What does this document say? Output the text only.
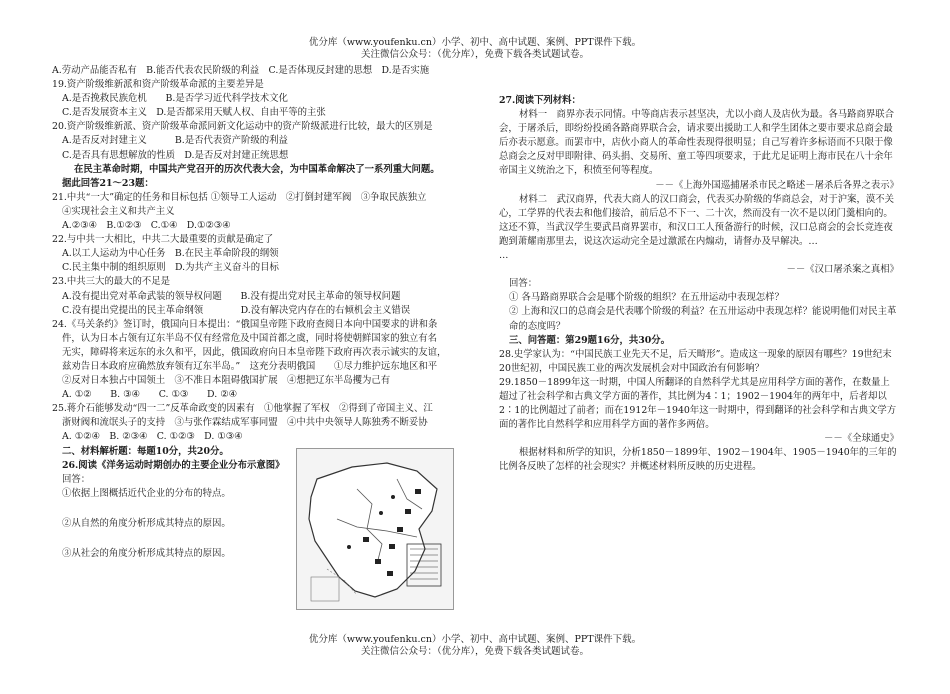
优分库（www.youfenku.cn）小学、初中、高中试题、案例、PPT课件下载。
关注微信公众号：（优分库），免费下载各类试题试卷。
A.劳动产品能否私有　B.能否代表农民阶级的利益　C.是否体现反封建的思想　D.是否实施
19.资产阶级维新派和资产阶级革命派的主要差异是
A.是否挽救民族危机　　B.是否学习近代科学技术文化
C.是否发展资本主义　D.是否都采用天赋人权、自由平等的主张
20.资产阶级维新派、资产阶级革命派同新文化运动中的资产阶级派进行比较，最大的区别是
A.是否反对封建主义　　　B.是否代表资产阶级的利益
C.是否具有思想解放的性质　D.是否反对封建正统思想
在民主革命时期，中国共产党召开的历次代表大会，为中国革命解决了一系列重大问题。
据此回答21～23题：
21.中共“一大”确定的任务和目标包括 ①领导工人运动　②打倒封建军阀　③争取民族独立
④实现社会主义和共产主义
A.②③④　B.①②③　C.①④　D.①②③④
22.与中共一大相比，中共二大最重要的贡献是确定了
A.以工人运动为中心任务　B.在民主革命阶段的纲领
C.民主集中制的组织原则　D.为共产主义奋斗的目标
23.中共三大的最大的不足是
A.没有提出党对革命武装的领导权问题　　B.没有提出党对民主革命的领导权问题
C.没有提出党提出的民主革命纲领　　　　D.没有解决党内存在的右倾机会主义错误
24.《马关条约》签订时，俄国向日本提出：“俄国皇帝陛下政府查阅日本向中国要求的讲和条
件，认为日本占领有辽东半岛不仅有经常危及中国首都之虞，同时将使朝鲜国家的独立有名
无实，障碍将来远东的永久和平，因此，俄国政府向日本皇帝陛下政府再次表示诚实的友谊，
兹劝告日本政府应确然放弃领有辽东半岛。”　这充分表明俄国　　①尽力维护远东地区和平
②反对日本独占中国领土　③不准日本阻碍俄国扩展　④想把辽东半岛攫为己有
A. ①②　　B. ③④　　C. ①③　　D. ②④
25.蒋介石能够发动“四一二”反革命政变的因素有　①他掌握了军权　②得到了帝国主义、江
浙财阀和流氓头子的支持　③与张作霖结成军事同盟　④中共中央领导人陈独秀不断妥协
A. ①②④　B. ②③④　C. ①②③　D. ①③④
二、材料解析题：每题10分，共20分。
26.阅读《洋务运动时期创办的主要企业分布示意图》
回答：
①依据上图概括近代企业的分布的特点。
②从自然的角度分析形成其特点的原因。
③从社会的角度分析形成其特点的原因。
27.阅读下列材料：
材料一　商界亦表示同情。中等商店表示甚坚决，尤以小商人及店伙为最。各马路商界联合会，于屠杀后，即纷纷投函各路商界联合会，请求要出援助工人和学生团体之要市要求总商会最后亦表示愿意。而罢市中，店伙小商人的革命性表现得很明显；自己写着许多标语而不只限于像总商会之反对甲即附律、码头捐、交易所、童工等四项要求，于此尤足证明上海市民在八十余年帝国主义统治之下，积愤至何等程度。
－－《上海外国巡捕屠杀市民之略述－屠杀后各界之表示》
材料二　武汉商界，代表大商人的汉口商会，代表买办阶级的华商总会，对于沪案，漠不关心，工学界的代表去和他们接洽，前后总不下一、二十次，然而没有一次不是以闭门羹相向的。这还不算，当武汉学生要武昌商界罢市，和汉口工人预备游行的时候，汉口总商会的会长竞连夜跑到萧耀南那里去，说这次运动完全是过激派在内煽动，请督办及早解决。…
…
－－《汉口屠杀案之真相》
回答：
① 各马路商界联合会是哪个阶级的组织？在五卅运动中表现怎样？
② 上海和汉口的总商会是代表哪个阶级的利益？在五卅运动中表现怎样？能说明他们对民主革命的态度吗？
三、问答题：第29题16分，共30分。
28.史学家认为：“中国民族工业先天不足，后天畸形”。造成这一现象的原因有哪些？19世纪末20世纪初，中国民族工业的两次发展机会对中国政治有何影响？
29.1850－1899年这一时期，中国人所翻译的自然科学尤其是应用科学方面的著作，在数量上超过了社会科学和古典文学方面的著作，其比例为4∶1；1902－1904年的两年中，后者却以2∶1的比例超过了前者；而在1912年－1940年这一时期中，得到翻译的社会科学和古典文学方面的著作比自然科学和应用科学方面的著作多两倍。
－－《全球通史》
根据材料和所学的知识，分析1850－1899年、1902－1904年、1905－1940年的三年的比例各反映了怎样的社会现实？并概述材料所反映的历史进程。
优分库（www.youfenku.cn）小学、初中、高中试题、案例、PPT课件下载。
关注微信公众号：（优分库），免费下载各类试题试卷。
